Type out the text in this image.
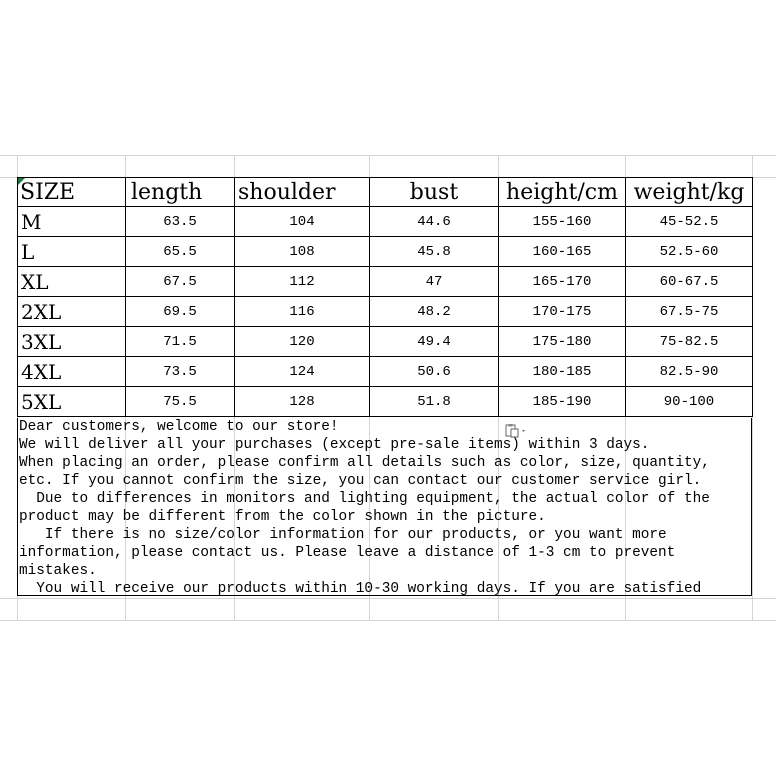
SIZE	length	shoulder	bust	height/cm	weight/kg
M	63.5	104	44.6	155-160	45-52.5
L	65.5	108	45.8	160-165	52.5-60
XL	67.5	112	47	165-170	60-67.5
2XL	69.5	116	48.2	170-175	67.5-75
3XL	71.5	120	49.4	175-180	75-82.5
4XL	73.5	124	50.6	180-185	82.5-90
5XL	75.5	128	51.8	185-190	90-100

Dear customers, welcome to our store!

We will deliver all your purchases (except pre-sale items) within 3 days.

When placing an order, please confirm all details such as color, size, quantity,

etc. If you cannot confirm the size, you can contact our customer service girl.

Due to differences in monitors and lighting equipment, the actual color of the

product may be different from the color shown in the picture.

If there is no size/color information for our products, or you want more

information, please contact us. Please leave a distance of 1-3 cm to prevent

mistakes.

You will receive our products within 10-30 working days. If you are satisfied
